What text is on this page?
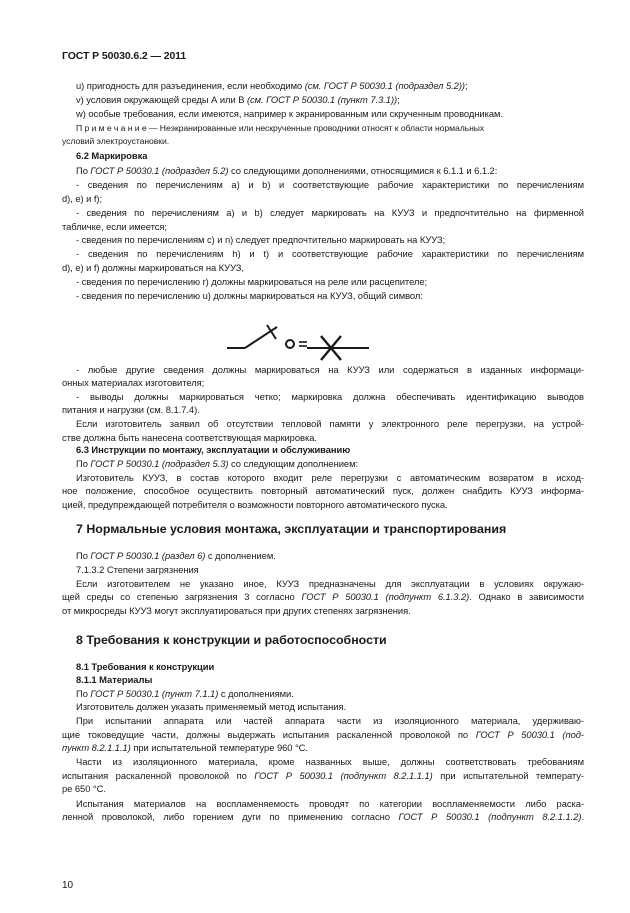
ГОСТ Р 50030.6.2 — 2011
u) пригодность для разъединения, если необходимо (см. ГОСТ Р 50030.1 (подраздел 5.2));
v) условия окружающей среды А или В (см. ГОСТ Р 50030.1 (пункт 7.3.1));
w) особые требования, если имеются, например к экранированным или скрученным проводникам.
П р и м е ч а н и е — Неэкранированные или нескрученные проводники относят к области нормальных
условий электроустановки.
6.2 Маркировка
По ГОСТ Р 50030.1 (подраздел 5.2) со следующими дополнениями, относящимися к 6.1.1 и 6.1.2:
- сведения по перечислениям a) и b) и соответствующие рабочие характеристики по перечислениям
d), e) и f);
- сведения по перечислениям a) и b) следует маркировать на КУУЗ и предпочтительно на фирменной
табличке, если имеется;
- сведения по перечислениям c) и n) следует предпочтительно маркировать на КУУЗ;
- сведения по перечислениям h) и t) и соответствующие рабочие характеристики по перечислениям
d), e) и f) должны маркироваться на КУУЗ,
- сведения по перечислению r) должны маркироваться на реле или расцепителе;
- сведения по перечислению u) должны маркироваться на КУУЗ, общий символ:
- любые другие сведения должны маркироваться на КУУЗ или содержаться в изданных информаци-
онных материалах изготовителя;
- выводы должны маркироваться четко; маркировка должна обеспечивать идентификацию выводов
питания и нагрузки (см. 8.1.7.4).
Если изготовитель заявил об отсутствии тепловой памяти у электронного реле перегрузки, на устрой-
стве должна быть нанесена соответствующая маркировка.
6.3 Инструкции по монтажу, эксплуатации и обслуживанию
По ГОСТ Р 50030.1 (подраздел 5.3) со следующим дополнением:
Изготовитель КУУЗ, в состав которого входит реле перегрузки с автоматическим возвратом в исход-
ное положение, способное осуществить повторный автоматический пуск, должен снабдить КУУЗ информа-
цией, предупреждающей потребителя о возможности повторного автоматического пуска.
7 Нормальные условия монтажа, эксплуатации и транспортирования
По ГОСТ Р 50030.1 (раздел 6) с дополнением.
7.1.3.2 Степени загрязнения
Если изготовителем не указано иное, КУУЗ предназначены для эксплуатации в условиях окружаю-
щей среды со степенью загрязнения 3 согласно ГОСТ Р 50030.1 (подпункт 6.1.3.2). Однако в зависимости
от микросреды КУУЗ могут эксплуатироваться при других степенях загрязнения.
8 Требования к конструкции и работоспособности
8.1 Требования к конструкции
8.1.1 Материалы
По ГОСТ Р 50030.1 (пункт 7.1.1) с дополнениями.
Изготовитель должен указать применяемый метод испытания.
При испытании аппарата или частей аппарата части из изоляционного материала, удерживаю-
щие токоведущие части, должны выдержать испытания раскаленной проволокой по ГОСТ Р 50030.1 (под-
пункт 8.2.1.1.1) при испытательной температуре 960 °С.
Части из изоляционного материала, кроме названных выше, должны соответствовать требованиям
испытания раскаленной проволокой по ГОСТ Р 50030.1 (подпункт 8.2.1.1.1) при испытательной температу-
ре 650 °С.
Испытания материалов на воспламеняемость проводят по категории воспламеняемости либо раска-
ленной проволокой, либо горением дуги по применению согласно ГОСТ Р 50030.1 (подпункт 8.2.1.1.2).
10
